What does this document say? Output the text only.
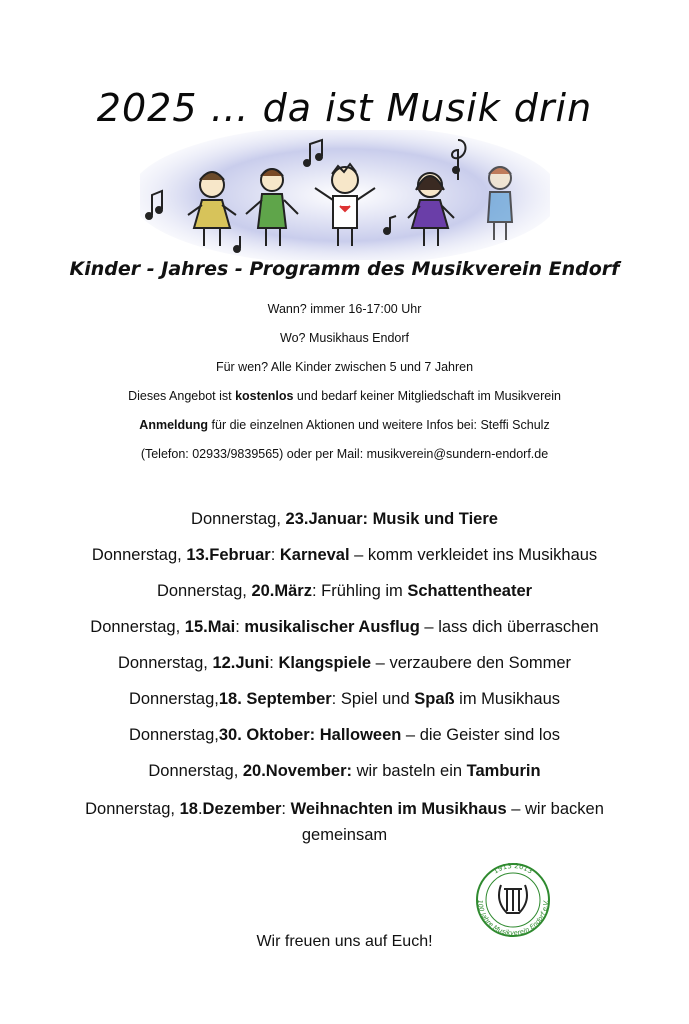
2025 … da ist Musik drin
Kinder - Jahres - Programm des Musikverein Endorf
Wann? immer 16-17:00 Uhr
Wo? Musikhaus Endorf
Für wen? Alle Kinder zwischen 5 und 7 Jahren
Dieses Angebot ist kostenlos und bedarf keiner Mitgliedschaft im Musikverein
Anmeldung für die einzelnen Aktionen und weitere Infos bei: Steffi Schulz
(Telefon: 02933/9839565) oder per Mail: musikverein@sundern-endorf.de

Donnerstag, 23.Januar: Musik und Tiere

Donnerstag, 13.Februar: Karneval – komm verkleidet ins Musikhaus

Donnerstag, 20.März: Frühling im Schattentheater

Donnerstag, 15.Mai: musikalischer Ausflug – lass dich überraschen

Donnerstag, 12.Juni: Klangspiele – verzaubere den Sommer

Donnerstag,18. September: Spiel und Spaß im Musikhaus

Donnerstag,30. Oktober: Halloween – die Geister sind los

Donnerstag, 20.November: wir basteln ein Tamburin

Donnerstag, 18.Dezember: Weihnachten im Musikhaus – wir backen gemeinsam

1913 2013
100 Jahre Musikverein Endorf e.V.
Wir freuen uns auf Euch!
